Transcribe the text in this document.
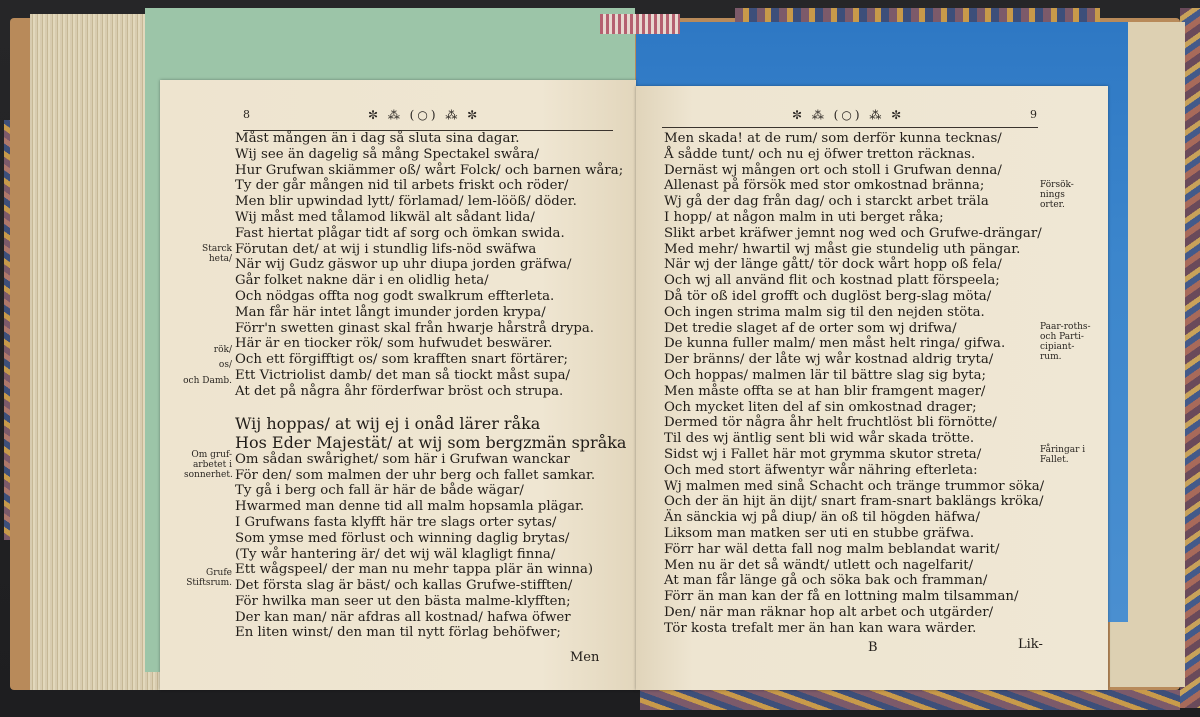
8	✼ ⁂ (○) ⁂ ✼
Måst mången än i dag så sluta sina dagar.
Wij see än dagelig så mång Spectakel swåra/
Hur Grufwan skiämmer oß/ wårt Folck/ och barnen wåra;
Ty der går mången nid til arbets friskt och röder/
Men blir upwindad lytt/ förlamad/ lem-lööß/ döder.
Wij måst med tålamod likwäl alt sådant lida/
Fast hiertat plågar tidt af sorg och ömkan swida.
Förutan det/ at wij i stundlig lifs-nöd swäfwa
När wij Gudz gäswor up uhr diupa jorden gräfwa/
Går folket nakne där i en olidlig heta/
Och nödgas offta nog godt swalkrum effterleta.
Man får här intet långt imunder jorden krypa/
Förr'n swetten ginast skal från hwarje hårstrå drypa.
Här är en tiocker rök/ som hufwudet beswärer.
Och ett förgifftigt os/ som krafften snart förtärer;
Ett Victriolist damb/ det man så tiockt måst supa/
At det på några åhr förderfwar bröst och strupa.
Wij hoppas/ at wij ej i onåd lärer råka
Hos Eder Majestät/ at wij som bergzmän språka
Om sådan swårighet/ som här i Grufwan wanckar
För den/ som malmen der uhr berg och fallet samkar.
Ty gå i berg och fall är här de både wägar/
Hwarmed man denne tid all malm hopsamla plägar.
I Grufwans fasta klyfft här tre slags orter sytas/
Som ymse med förlust och winning daglig brytas/
(Ty wår hantering är/ det wij wäl klagligt finna/
Ett wågspeel/ der man nu mehr tappa plär än winna)
Det första slag är bäst/ och kallas Grufwe-stifften/
För hwilka man seer ut den bästa malme-klyfften;
Der kan man/ när afdras all kostnad/ hafwa öfwer
En liten winst/ den man til nytt förlag behöfwer;
Starck heta/
rök/
os/
och Damb.
Om gruf-arbetet i sonnerhet.
Grufe Stiftsrum.
Men
✼ ⁂ (○) ⁂ ✼	9
Men skada! at de rum/ som derför kunna tecknas/
Å sådde tunt/ och nu ej öfwer tretton räcknas.
Dernäst wj mången ort och stoll i Grufwan denna/
Allenast på försök med stor omkostnad bränna;
Wj gå der dag från dag/ och i starckt arbet träla
I hopp/ at någon malm in uti berget råka;
Slikt arbet kräfwer jemnt nog wed och Grufwe-drängar/
Med mehr/ hwartil wj måst gie stundelig uth pängar.
När wj der länge gått/ tör dock wårt hopp oß fela/
Och wj all använd flit och kostnad platt förspeela;
Då tör oß idel grofft och duglöst berg-slag möta/
Och ingen strima malm sig til den nejden stöta.
Det tredie slaget af de orter som wj drifwa/
De kunna fuller malm/ men måst helt ringa/ gifwa.
Der bränns/ der låte wj wår kostnad aldrig tryta/
Och hoppas/ malmen lär til bättre slag sig byta;
Men måste offta se at han blir framgent mager/
Och mycket liten del af sin omkostnad drager;
Dermed tör några åhr helt fruchtlöst bli förnötte/
Til des wj äntlig sent bli wid wår skada trötte.
Sidst wj i Fallet här mot grymma skutor streta/
Och med stort äfwentyr wår nähring efterleta:
Wj malmen med sinå Schacht och tränge trummor söka/
Och der än hijt än dijt/ snart fram-snart baklängs kröka/
Än sänckia wj på diup/ än oß til högden häfwa/
Liksom man matken ser uti en stubbe gräfwa.
Förr har wäl detta fall nog malm beblandat warit/
Men nu är det så wändt/ utlett och nagelfarit/
At man får länge gå och söka bak och framman/
Förr än man kan der få en lottning malm tilsamman/
Den/ när man räknar hop alt arbet och utgärder/
Tör kosta trefalt mer än han kan wara wärder.
Försök-nings orter.
Paar-roths- och Parti-cipiant-rum.
Fåringar i Fallet.
B	Lik-
